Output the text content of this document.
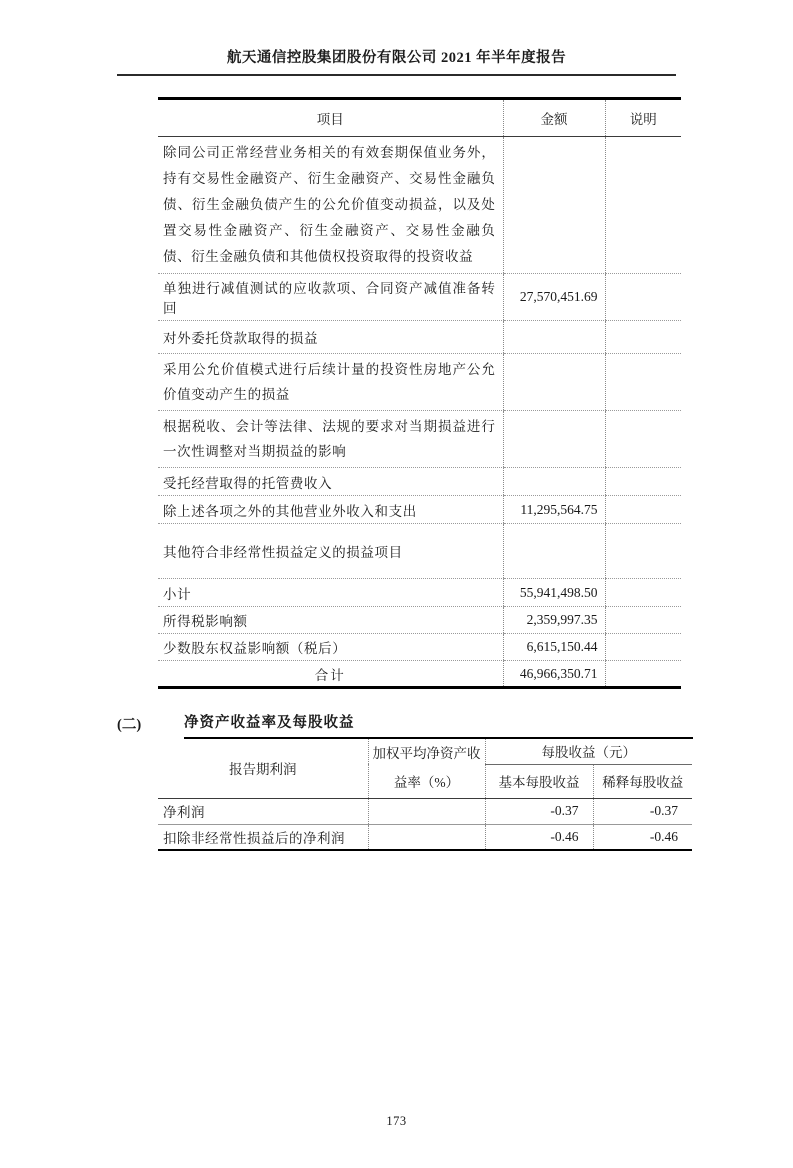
航天通信控股集团股份有限公司 2021 年半年度报告
项目	金额	说明
除同公司正常经营业务相关的有效套期保值业务外，持有交易性金融资产、衍生金融资产、交易性金融负债、衍生金融负债产生的公允价值变动损益，以及处置交易性金融资产、衍生金融资产、交易性金融负债、衍生金融负债和其他债权投资取得的投资收益		
单独进行减值测试的应收款项、合同资产减值准备转回	27,570,451.69	
对外委托贷款取得的损益		
采用公允价值模式进行后续计量的投资性房地产公允价值变动产生的损益		
根据税收、会计等法律、法规的要求对当期损益进行一次性调整对当期损益的影响		
受托经营取得的托管费收入		
除上述各项之外的其他营业外收入和支出	11,295,564.75	
其他符合非经常性损益定义的损益项目		
小计	55,941,498.50	
所得税影响额	2,359,997.35	
少数股东权益影响额（税后）	6,615,150.44	
合计	46,966,350.71	
(二)	净资产收益率及每股收益
报告期利润	加权平均净资产收益率（%）	每股收益（元）	
		基本每股收益	稀释每股收益
净利润		-0.37	-0.37
扣除非经常性损益后的净利润		-0.46	-0.46
173
